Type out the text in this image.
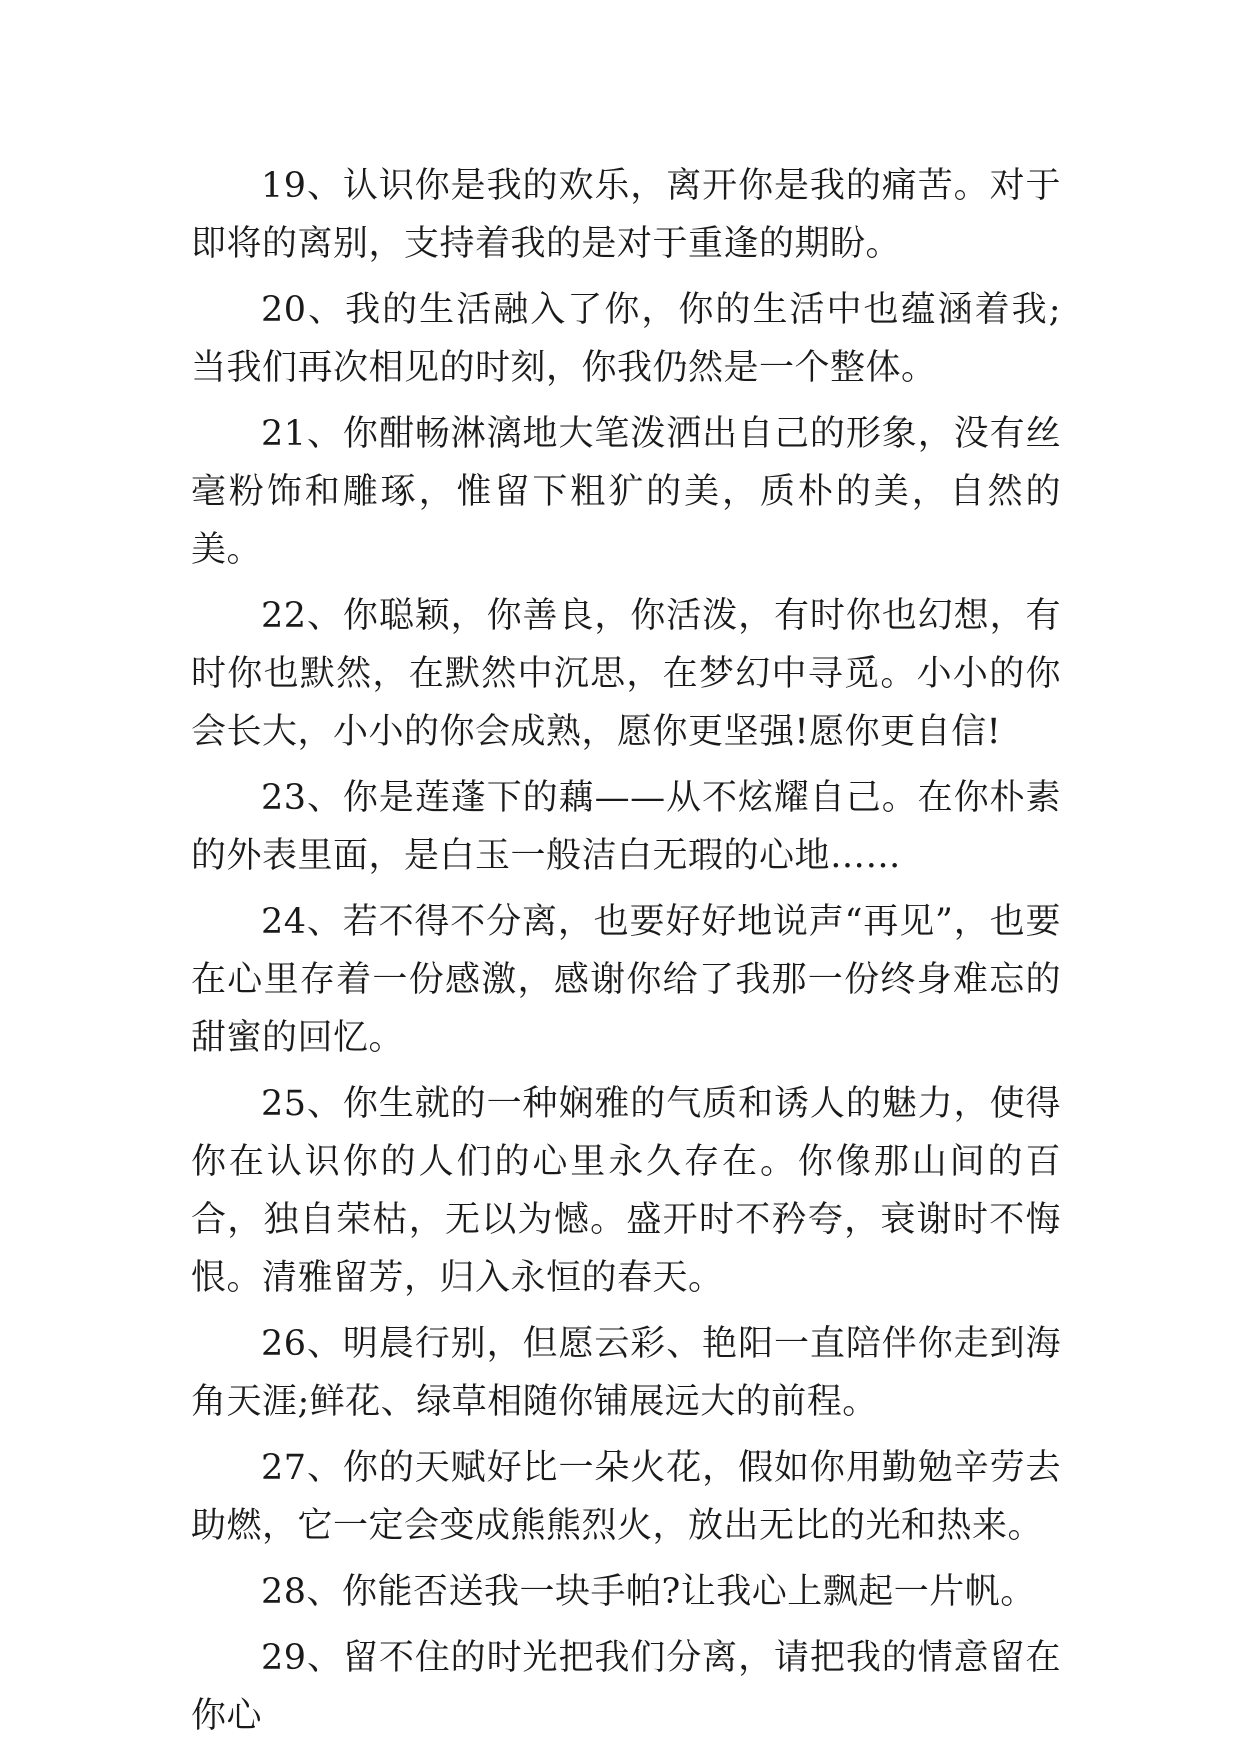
19、认识你是我的欢乐，离开你是我的痛苦。对于即将的离别，支持着我的是对于重逢的期盼。

20、我的生活融入了你，你的生活中也蕴涵着我;当我们再次相见的时刻，你我仍然是一个整体。

21、你酣畅淋漓地大笔泼洒出自己的形象，没有丝毫粉饰和雕琢，惟留下粗犷的美，质朴的美，自然的美。

22、你聪颖，你善良，你活泼，有时你也幻想，有时你也默然，在默然中沉思，在梦幻中寻觅。小小的你会长大，小小的你会成熟，愿你更坚强!愿你更自信!

23、你是莲蓬下的藕——从不炫耀自己。在你朴素的外表里面，是白玉一般洁白无瑕的心地……

24、若不得不分离，也要好好地说声“再见”，也要在心里存着一份感激，感谢你给了我那一份终身难忘的甜蜜的回忆。

25、你生就的一种娴雅的气质和诱人的魅力，使得你在认识你的人们的心里永久存在。你像那山间的百合，独自荣枯，无以为憾。盛开时不矜夸，衰谢时不悔恨。清雅留芳，归入永恒的春天。

26、明晨行别，但愿云彩、艳阳一直陪伴你走到海角天涯;鲜花、绿草相随你铺展远大的前程。

27、你的天赋好比一朵火花，假如你用勤勉辛劳去助燃，它一定会变成熊熊烈火，放出无比的光和热来。

28、你能否送我一块手帕?让我心上飘起一片帆。

29、留不住的时光把我们分离，请把我的情意留在你心
